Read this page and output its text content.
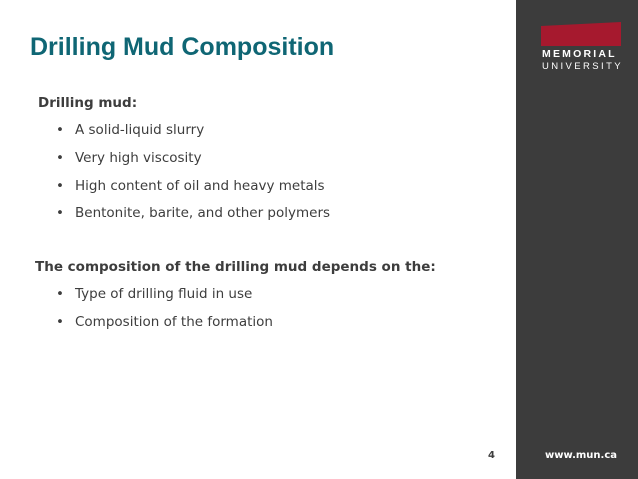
Drilling Mud Composition
Drilling mud:
• A solid-liquid slurry
• Very high viscosity
• High content of oil and heavy metals
• Bentonite, barite, and other polymers
The composition of the drilling mud depends on the:
• Type of drilling fluid in use
• Composition of the formation
4
MEMORIAL
UNIVERSITY
www.mun.ca
